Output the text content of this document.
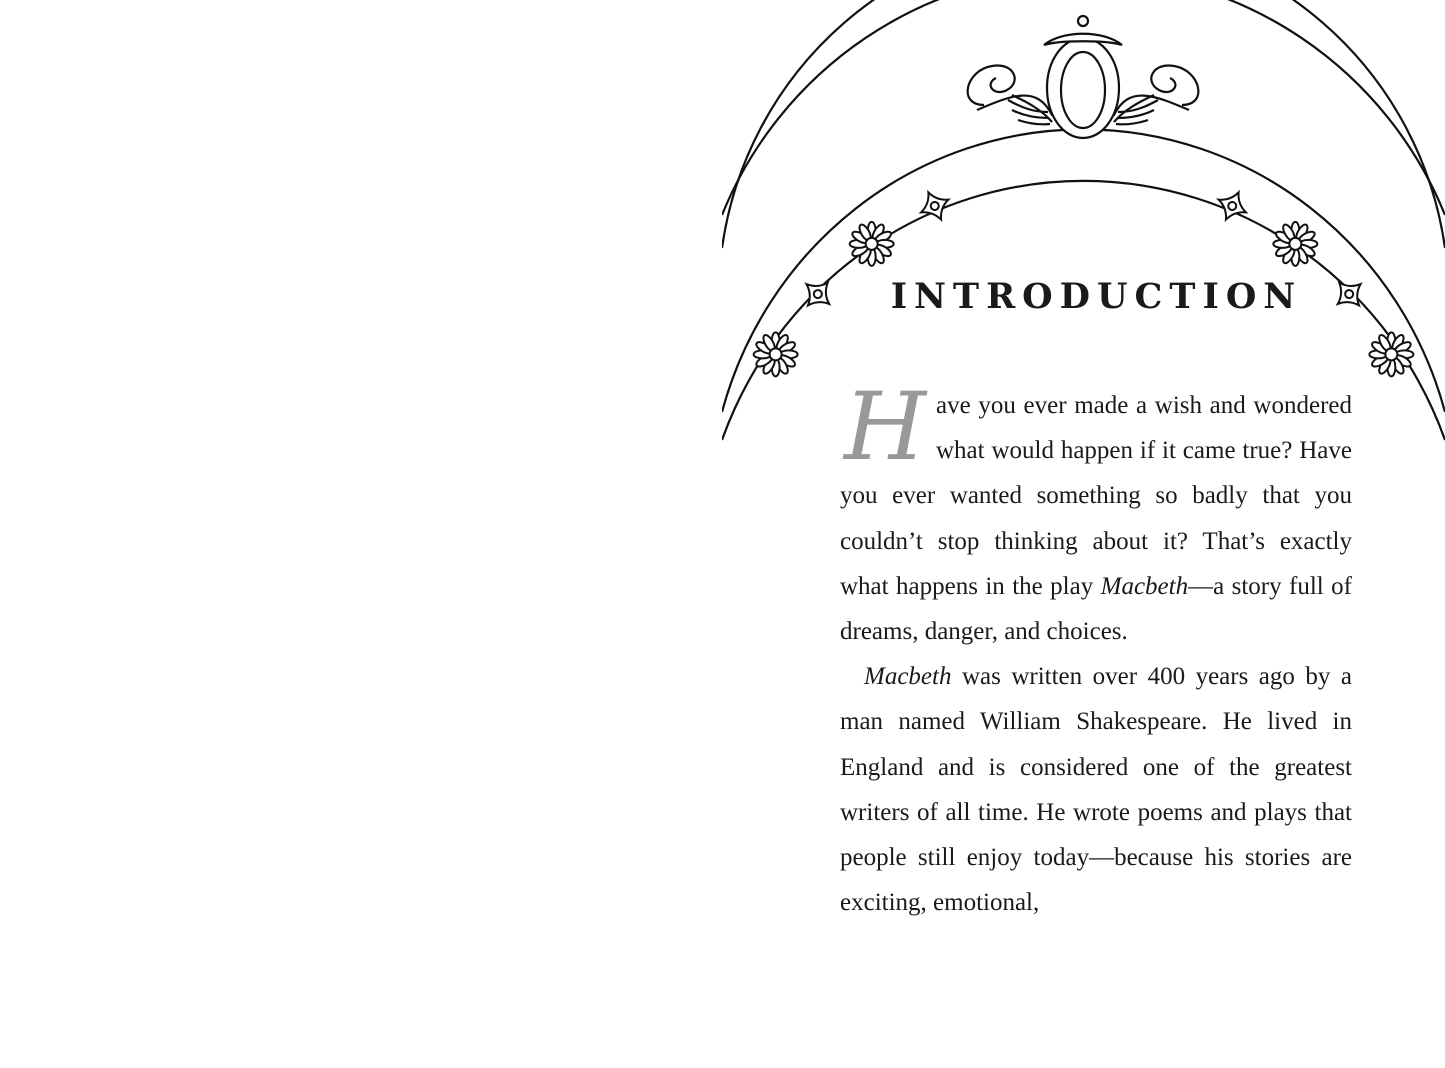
INTRODUCTION

Have you ever made a wish and wondered what would happen if it came true? Have you ever wanted something so badly that you couldn’t stop thinking about it? That’s exactly what happens in the play Macbeth—a story full of dreams, danger, and choices.

Macbeth was written over 400 years ago by a man named William Shakespeare. He lived in England and is considered one of the greatest writers of all time. He wrote poems and plays that people still enjoy today—because his stories are exciting, emotional,
